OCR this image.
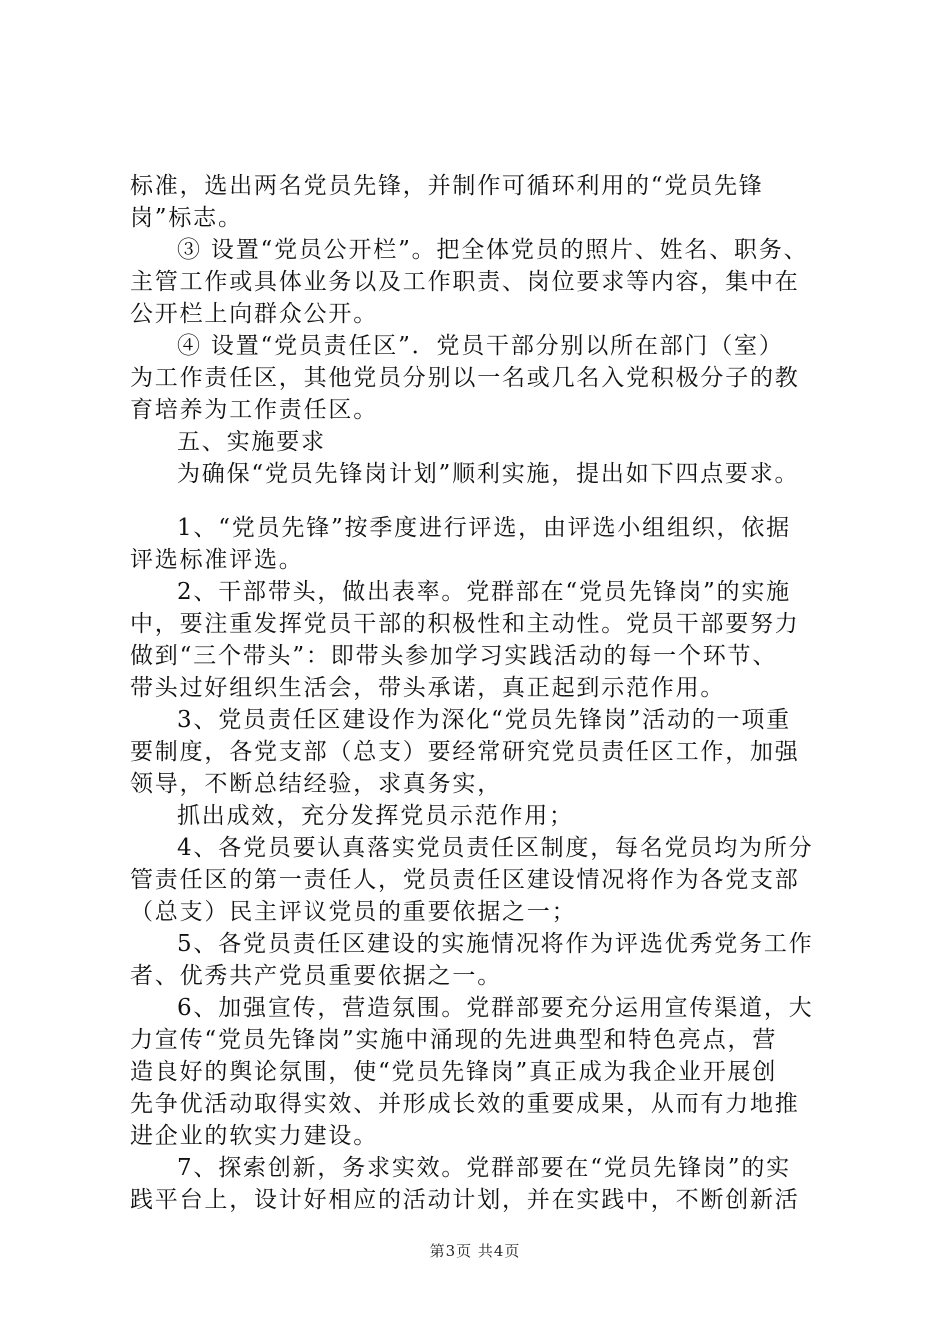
标准，选出两名党员先锋，并制作可循环利用的“党员先锋
岗”标志。
③ 设置“党员公开栏”。把全体党员的照片、姓名、职务、
主管工作或具体业务以及工作职责、岗位要求等内容，集中在
公开栏上向群众公开。
④ 设置“党员责任区”．党员干部分别以所在部门（室）
为工作责任区，其他党员分别以一名或几名入党积极分子的教
育培养为工作责任区。
五、实施要求
为确保“党员先锋岗计划”顺利实施，提出如下四点要求。
1、“党员先锋”按季度进行评选，由评选小组组织，依据
评选标准评选。
2、干部带头，做出表率。党群部在“党员先锋岗”的实施
中，要注重发挥党员干部的积极性和主动性。党员干部要努力
做到“三个带头”：即带头参加学习实践活动的每一个环节、
带头过好组织生活会，带头承诺，真正起到示范作用。
3、党员责任区建设作为深化“党员先锋岗”活动的一项重
要制度，各党支部（总支）要经常研究党员责任区工作，加强
领导，不断总结经验，求真务实，
抓出成效，充分发挥党员示范作用；
4、各党员要认真落实党员责任区制度，每名党员均为所分
管责任区的第一责任人，党员责任区建设情况将作为各党支部
（总支）民主评议党员的重要依据之一；
5、各党员责任区建设的实施情况将作为评选优秀党务工作
者、优秀共产党员重要依据之一。
6、加强宣传，营造氛围。党群部要充分运用宣传渠道，大
力宣传“党员先锋岗”实施中涌现的先进典型和特色亮点，营
造良好的舆论氛围，使“党员先锋岗”真正成为我企业开展创
先争优活动取得实效、并形成长效的重要成果，从而有力地推
进企业的软实力建设。
7、探索创新，务求实效。党群部要在“党员先锋岗”的实
践平台上，设计好相应的活动计划，并在实践中，不断创新活
第3页 共4页
